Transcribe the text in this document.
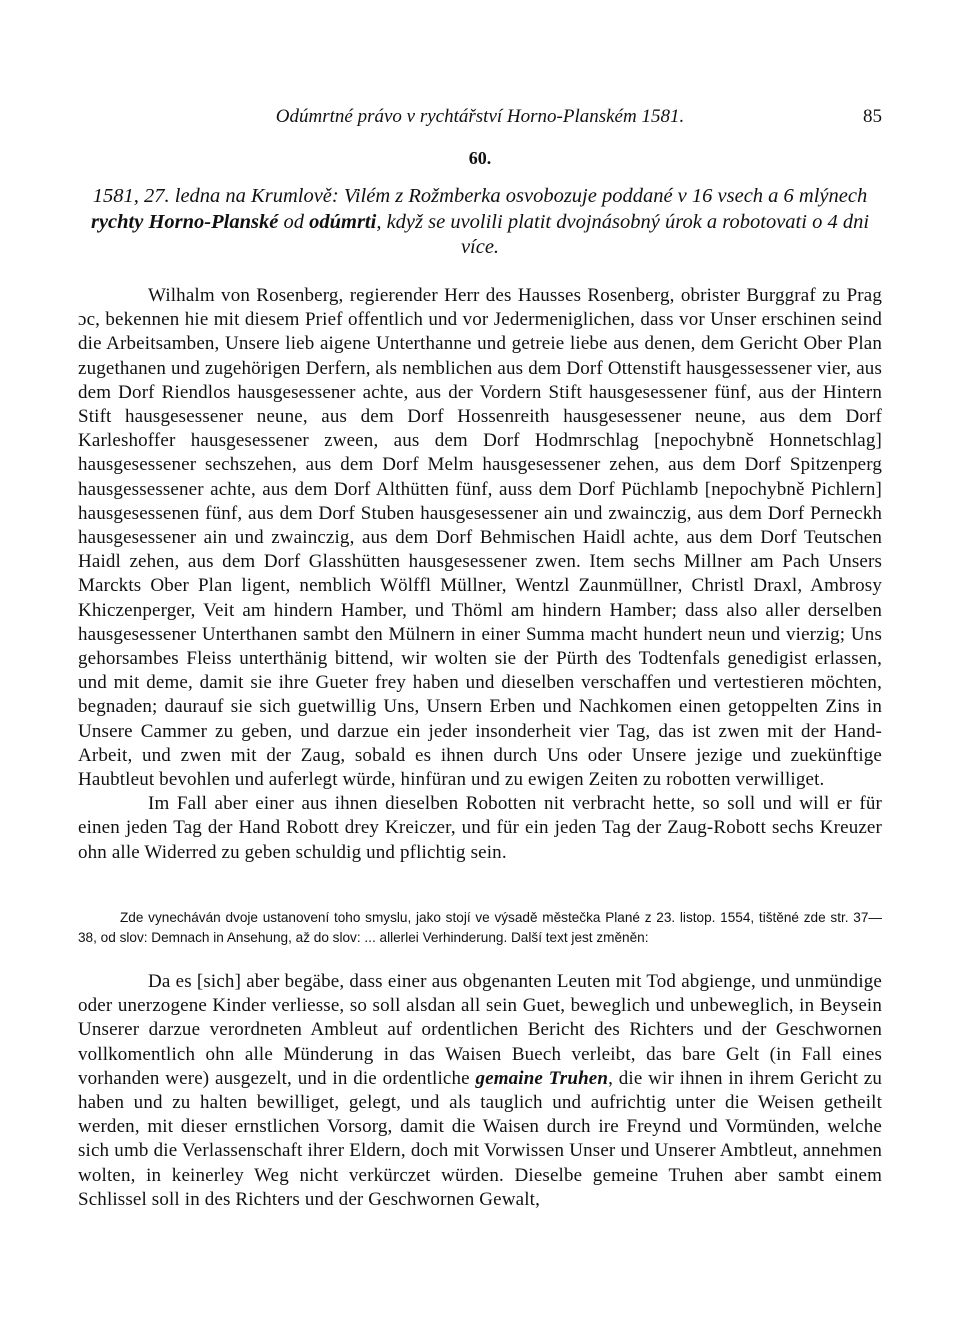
Odúmrtné právo v rychtářství Horno-Planském 1581.	85
60.
1581, 27. ledna na Krumlově: Vilém z Rožmberka osvobozuje poddané v 16 vsech a 6 mlýnech rychty Horno-Planské od odúmrti, když se uvolili platit dvojnásobný úrok a robotovati o 4 dni více.

Wilhalm von Rosenberg, regierender Herr des Hausses Rosenberg, obrister Burggraf zu Prag ɔc, bekennen hie mit diesem Prief offentlich und vor Jedermeniglichen, dass vor Unser erschinen seind die Arbeitsamben, Unsere lieb aigene Unterthanne und getreie liebe aus denen, dem Gericht Ober Plan zugethanen und zugehörigen Derfern, als nemblichen aus dem Dorf Ottenstift hausgessessener vier, aus dem Dorf Riendlos hausgesessener achte, aus der Vordern Stift hausgesessener fünf, aus der Hintern Stift hausgesessener neune, aus dem Dorf Hossenreith hausgesessener neune, aus dem Dorf Karleshoffer hausgesessener zween, aus dem Dorf Hodmrschlag [nepochybně Honnetschlag] hausgesessener sechszehen, aus dem Dorf Melm hausgesessener zehen, aus dem Dorf Spitzenperg hausgessessener achte, aus dem Dorf Althütten fünf, auss dem Dorf Püchlamb [nepochybně Pichlern] hausgesessenen fünf, aus dem Dorf Stuben hausgesessener ain und zwainczig, aus dem Dorf Perneckh hausgesessener ain und zwainczig, aus dem Dorf Behmischen Haidl achte, aus dem Dorf Teutschen Haidl zehen, aus dem Dorf Glasshütten hausgesessener zwen. Item sechs Millner am Pach Unsers Marckts Ober Plan ligent, nemblich Wölffl Müllner, Wentzl Zaunmüllner, Christl Draxl, Ambrosy Khiczenperger, Veit am hindern Hamber, und Thöml am hindern Hamber; dass also aller derselben hausgesessener Unterthanen sambt den Mülnern in einer Summa macht hundert neun und vierzig; Uns gehorsambes Fleiss unterthänig bittend, wir wolten sie der Pürth des Todtenfals genedigist erlassen, und mit deme, damit sie ihre Gueter frey haben und dieselben verschaffen und vertestieren möchten, begnaden; daurauf sie sich guetwillig Uns, Unsern Erben und Nachkomen einen getoppelten Zins in Unsere Cammer zu geben, und darzue ein jeder insonderheit vier Tag, das ist zwen mit der Hand-Arbeit, und zwen mit der Zaug, sobald es ihnen durch Uns oder Unsere jezige und zuekünftige Haubtleut bevohlen und auferlegt würde, hinfüran und zu ewigen Zeiten zu robotten verwilliget.

Im Fall aber einer aus ihnen dieselben Robotten nit verbracht hette, so soll und will er für einen jeden Tag der Hand Robott drey Kreiczer, und für ein jeden Tag der Zaug-Robott sechs Kreuzer ohn alle Widerred zu geben schuldig und pflichtig sein.

Zde vynecháván dvoje ustanovení toho smyslu, jako stojí ve výsadě městečka Plané z 23. listop. 1554, tištěné zde str. 37—38, od slov: Demnach in Ansehung, až do slov: ... allerlei Verhinderung. Další text jest změněn:

Da es [sich] aber begäbe, dass einer aus obgenanten Leuten mit Tod abgienge, und unmündige oder unerzogene Kinder verliesse, so soll alsdan all sein Guet, beweglich und unbeweglich, in Beysein Unserer darzue verordneten Ambleut auf ordentlichen Bericht des Richters und der Geschwornen vollkomentlich ohn alle Münderung in das Waisen Buech verleibt, das bare Gelt (in Fall eines vorhanden were) ausgezelt, und in die ordentliche gemaine Truhen, die wir ihnen in ihrem Gericht zu haben und zu halten bewilliget, gelegt, und als tauglich und aufrichtig unter die Weisen getheilt werden, mit dieser ernstlichen Vorsorg, damit die Waisen durch ire Freynd und Vormünden, welche sich umb die Verlassenschaft ihrer Eldern, doch mit Vorwissen Unser und Unserer Ambtleut, annehmen wolten, in keinerley Weg nicht verkürczet würden. Dieselbe gemeine Truhen aber sambt einem Schlissel soll in des Richters und der Geschwornen Gewalt,
